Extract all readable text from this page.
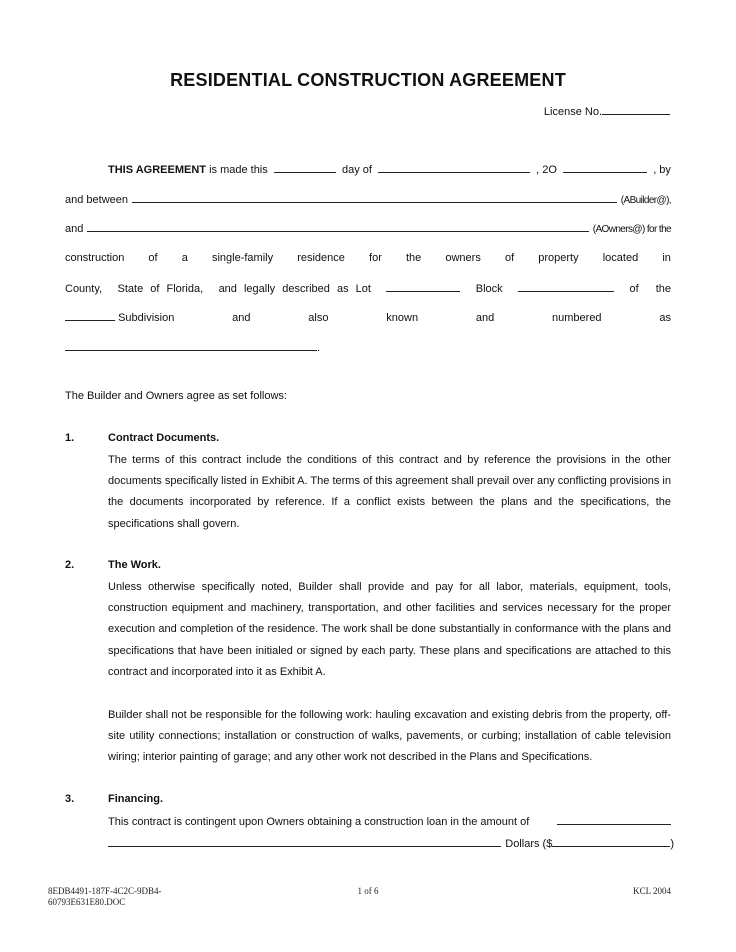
RESIDENTIAL CONSTRUCTION AGREEMENT
License No.
THIS AGREEMENT is made this	day of	, 2O	, by
and between	(ABuilder@),
and	(AOwners@) for the
construction of a single-family residence for the owners of property located in
County, State of Florida, and legally described as Lot	Block	of the
Subdivision	and	also	known	and	numbered	as
.
The Builder and Owners agree as set follows:
1.	Contract Documents.
The terms of this contract include the conditions of this contract and by reference the provisions in the other documents specifically listed in Exhibit A. The terms of this agreement shall prevail over any conflicting provisions in the documents incorporated by reference. If a conflict exists between the plans and the specifications, the specifications shall govern.
2.	The Work.
Unless otherwise specifically noted, Builder shall provide and pay for all labor, materials, equipment, tools, construction equipment and machinery, transportation, and other facilities and services necessary for the proper execution and completion of the residence. The work shall be done substantially in conformance with the plans and specifications that have been initialed or signed by each party. These plans and specifications are attached to this contract and incorporated into it as Exhibit A.
Builder shall not be responsible for the following work: hauling excavation and existing debris from the property, off-site utility connections; installation or construction of walks, pavements, or curbing; installation of cable television wiring; interior painting of garage; and any other work not described in the Plans and Specifications.
3.	Financing.
This contract is contingent upon Owners obtaining a construction loan in the amount of
Dollars ($	)
8EDB4491-187F-4C2C-9DB4-
60793E631E80.DOC
1 of 6	KCL 2004
